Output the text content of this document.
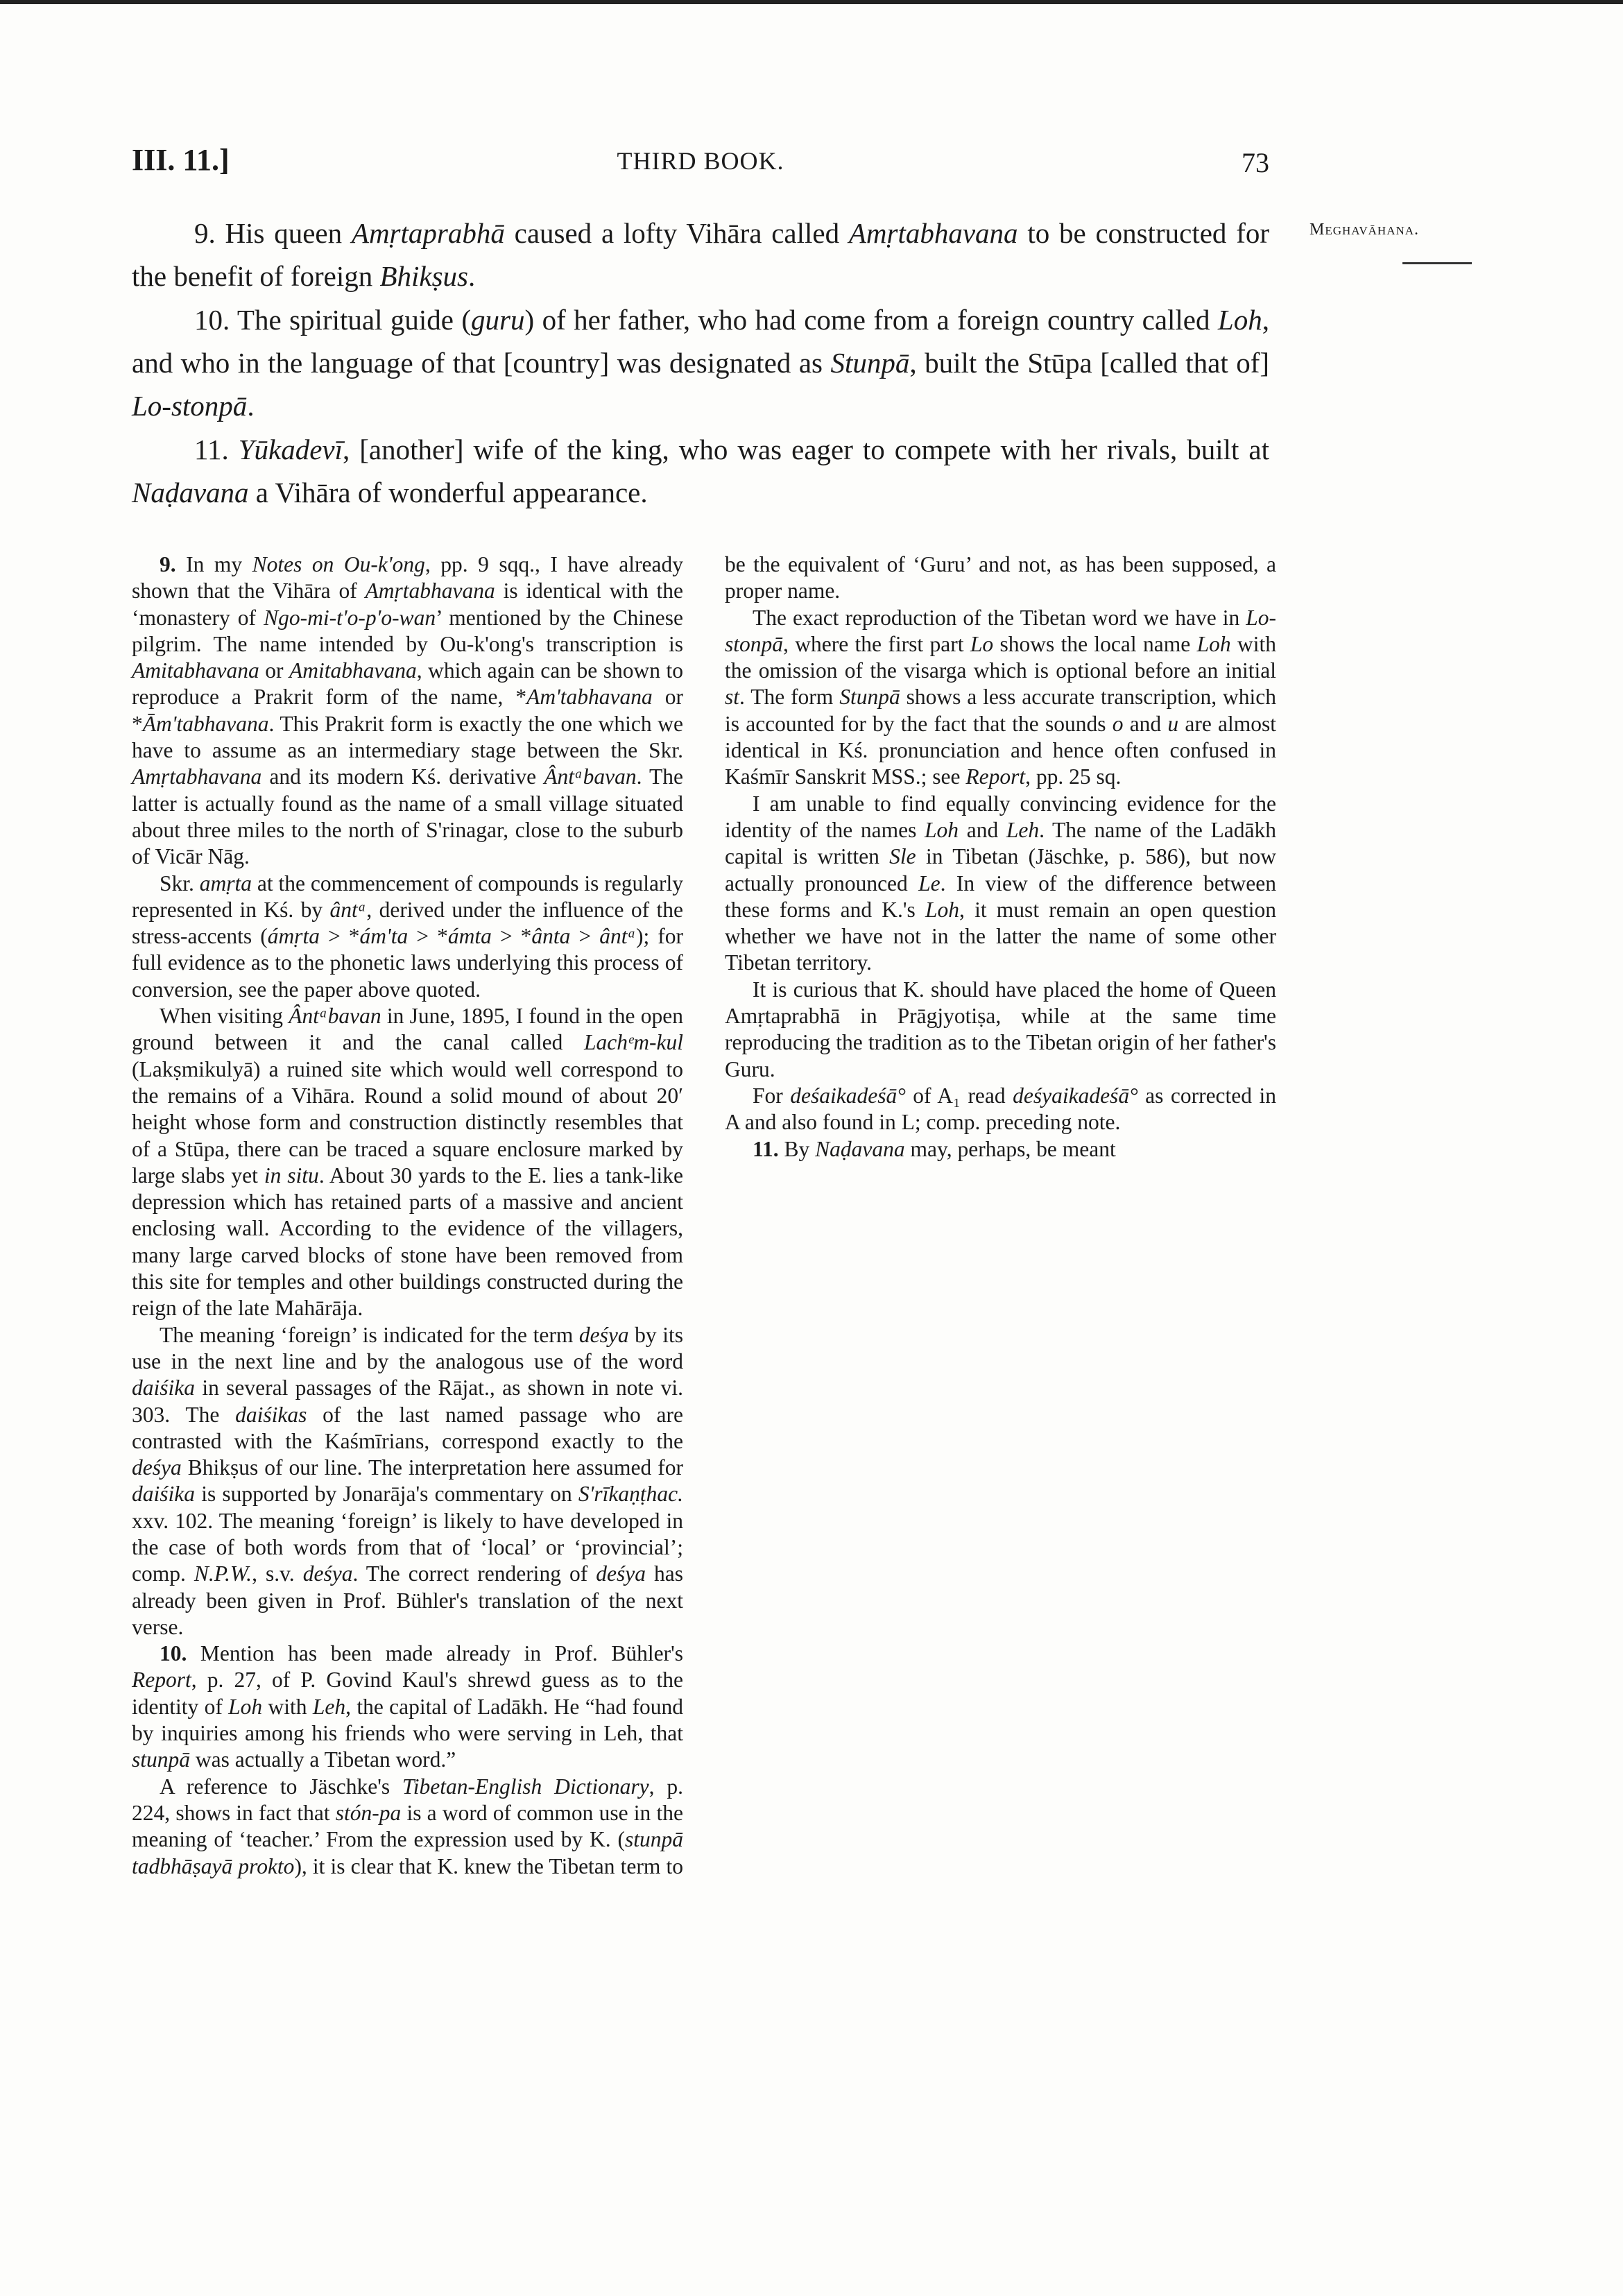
III. 11.]	THIRD BOOK.	73
Meghavāhana.

9. His queen Amṛtaprabhā caused a lofty Vihāra called Amṛtabhavana to be constructed for the benefit of foreign Bhikṣus.

10. The spiritual guide (guru) of her father, who had come from a foreign country called Loh, and who in the language of that [country] was designated as Stunpā, built the Stūpa [called that of] Lo-stonpā.

11. Yūkadevī, [another] wife of the king, who was eager to compete with her rivals, built at Naḍavana a Vihāra of wonderful appearance.

9. In my Notes on Ou-k'ong, pp. 9 sqq., I have already shown that the Vihāra of Amṛtabhavana is identical with the ‘monastery of Ngo-mi-t'o-p'o-wan’ mentioned by the Chinese pilgrim. The name intended by Ou-k'ong's transcription is Amitabhavana or Amitabhavana, which again can be shown to reproduce a Prakrit form of the name, *Am'tabhavana or *Ām'tabhavana. This Prakrit form is exactly the one which we have to assume as an intermediary stage between the Skr. Amṛtabhavana and its modern Kś. derivative Ântᵃbavan. The latter is actually found as the name of a small village situated about three miles to the north of S'rinagar, close to the suburb of Vicār Nāg.

Skr. amṛta at the commencement of compounds is regularly represented in Kś. by ântᵃ, derived under the influence of the stress-accents (ámṛta > *ám'ta > *ámta > *ânta > ântᵃ); for full evidence as to the phonetic laws underlying this process of conversion, see the paper above quoted.

When visiting Ântᵃbavan in June, 1895, I found in the open ground between it and the canal called Lachᵉm-kul (Lakṣmikulyā) a ruined site which would well correspond to the remains of a Vihāra. Round a solid mound of about 20′ height whose form and construction distinctly resembles that of a Stūpa, there can be traced a square enclosure marked by large slabs yet in situ. About 30 yards to the E. lies a tank-like depression which has retained parts of a massive and ancient enclosing wall. According to the evidence of the villagers, many large carved blocks of stone have been removed from this site for temples and other buildings constructed during the reign of the late Mahārāja.

The meaning ‘foreign’ is indicated for the term deśya by its use in the next line and by the analogous use of the word daiśika in several passages of the Rājat., as shown in note vi. 303. The daiśikas of the last named passage who are contrasted with the Kaśmīrians, correspond exactly to the deśya Bhikṣus of our line. The interpretation here assumed for daiśika is supported by Jonarāja's commentary on S'rīkaṇṭhac. xxv. 102. The meaning ‘foreign’ is likely to have developed in the case of both words from that of ‘local’ or ‘provincial’; comp. N.P.W., s.v. deśya. The correct rendering of deśya has already been given in Prof. Bühler's translation of the next verse.

10. Mention has been made already in Prof. Bühler's Report, p. 27, of P. Govind Kaul's shrewd guess as to the identity of Loh with Leh, the capital of Ladākh. He “had found by inquiries among his friends who were serving in Leh, that stunpā was actually a Tibetan word.”

A reference to Jäschke's Tibetan-English Dictionary, p. 224, shows in fact that stón-pa is a word of common use in the meaning of ‘teacher.’ From the expression used by K. (stunpā tadbhāṣayā prokto), it is clear that K. knew the Tibetan term to be the equivalent of ‘Guru’ and not, as has been supposed, a proper name.

The exact reproduction of the Tibetan word we have in Lo-stonpā, where the first part Lo shows the local name Loh with the omission of the visarga which is optional before an initial st. The form Stunpā shows a less accurate transcription, which is accounted for by the fact that the sounds o and u are almost identical in Kś. pronunciation and hence often confused in Kaśmīr Sanskrit MSS.; see Report, pp. 25 sq.

I am unable to find equally convincing evidence for the identity of the names Loh and Leh. The name of the Ladākh capital is written Sle in Tibetan (Jäschke, p. 586), but now actually pronounced Le. In view of the difference between these forms and K.'s Loh, it must remain an open question whether we have not in the latter the name of some other Tibetan territory.

It is curious that K. should have placed the home of Queen Amṛtaprabhā in Prāgjyotiṣa, while at the same time reproducing the tradition as to the Tibetan origin of her father's Guru.

For deśaikadeśā° of A₁ read deśyaikadeśā° as corrected in A and also found in L; comp. preceding note.

11. By Naḍavana may, perhaps, be meant
